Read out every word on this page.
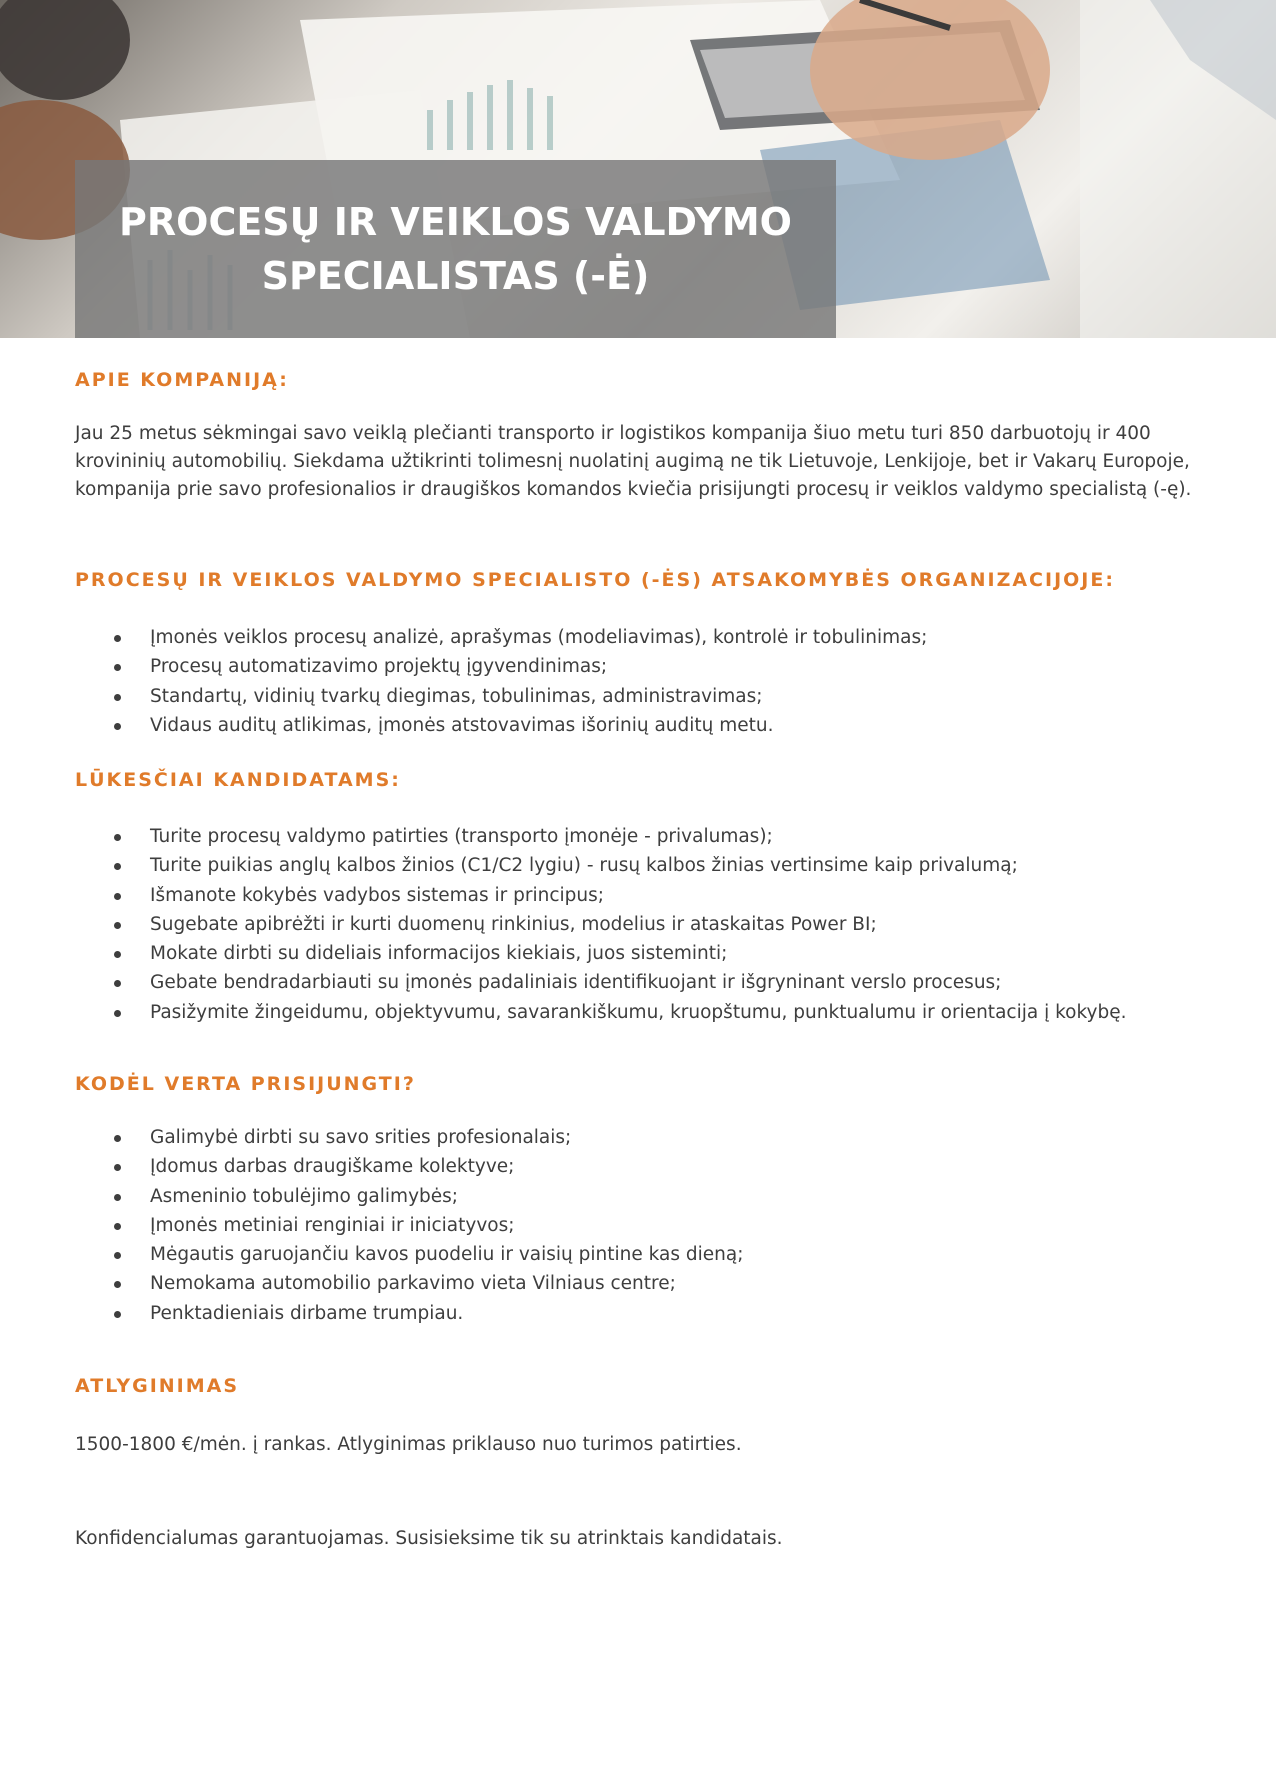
PROCESŲ IR VEIKLOS VALDYMO
SPECIALISTAS (-Ė)
APIE KOMPANIJĄ:

Jau 25 metus sėkmingai savo veiklą plečianti transporto ir logistikos kompanija šiuo metu turi 850 darbuotojų ir 400 krovininių automobilių. Siekdama užtikrinti tolimesnį nuolatinį augimą ne tik Lietuvoje, Lenkijoje, bet ir Vakarų Europoje, kompanija prie savo profesionalios ir draugiškos komandos kviečia prisijungti procesų ir veiklos valdymo specialistą (-ę).

PROCESŲ IR VEIKLOS VALDYMO SPECIALISTO (-ĖS) ATSAKOMYBĖS ORGANIZACIJOJE:
Įmonės veiklos procesų analizė, aprašymas (modeliavimas), kontrolė ir tobulinimas;
Procesų automatizavimo projektų įgyvendinimas;
Standartų, vidinių tvarkų diegimas, tobulinimas, administravimas;
Vidaus auditų atlikimas, įmonės atstovavimas išorinių auditų metu.
LŪKESČIAI KANDIDATAMS:
Turite procesų valdymo patirties (transporto įmonėje - privalumas);
Turite puikias anglų kalbos žinios (C1/C2 lygiu) - rusų kalbos žinias vertinsime kaip privalumą;
Išmanote kokybės vadybos sistemas ir principus;
Sugebate apibrėžti ir kurti duomenų rinkinius, modelius ir ataskaitas Power BI;
Mokate dirbti su dideliais informacijos kiekiais, juos sisteminti;
Gebate bendradarbiauti su įmonės padaliniais identifikuojant ir išgryninant verslo procesus;
Pasižymite žingeidumu, objektyvumu, savarankiškumu, kruopštumu, punktualumu ir orientacija į kokybę.
KODĖL VERTA PRISIJUNGTI?
Galimybė dirbti su savo srities profesionalais;
Įdomus darbas draugiškame kolektyve;
Asmeninio tobulėjimo galimybės;
Įmonės metiniai renginiai ir iniciatyvos;
Mėgautis garuojančiu kavos puodeliu ir vaisių pintine kas dieną;
Nemokama automobilio parkavimo vieta Vilniaus centre;
Penktadieniais dirbame trumpiau.
ATLYGINIMAS

1500-1800 €/mėn. į rankas. Atlyginimas priklauso nuo turimos patirties.

Konfidencialumas garantuojamas. Susisieksime tik su atrinktais kandidatais.
